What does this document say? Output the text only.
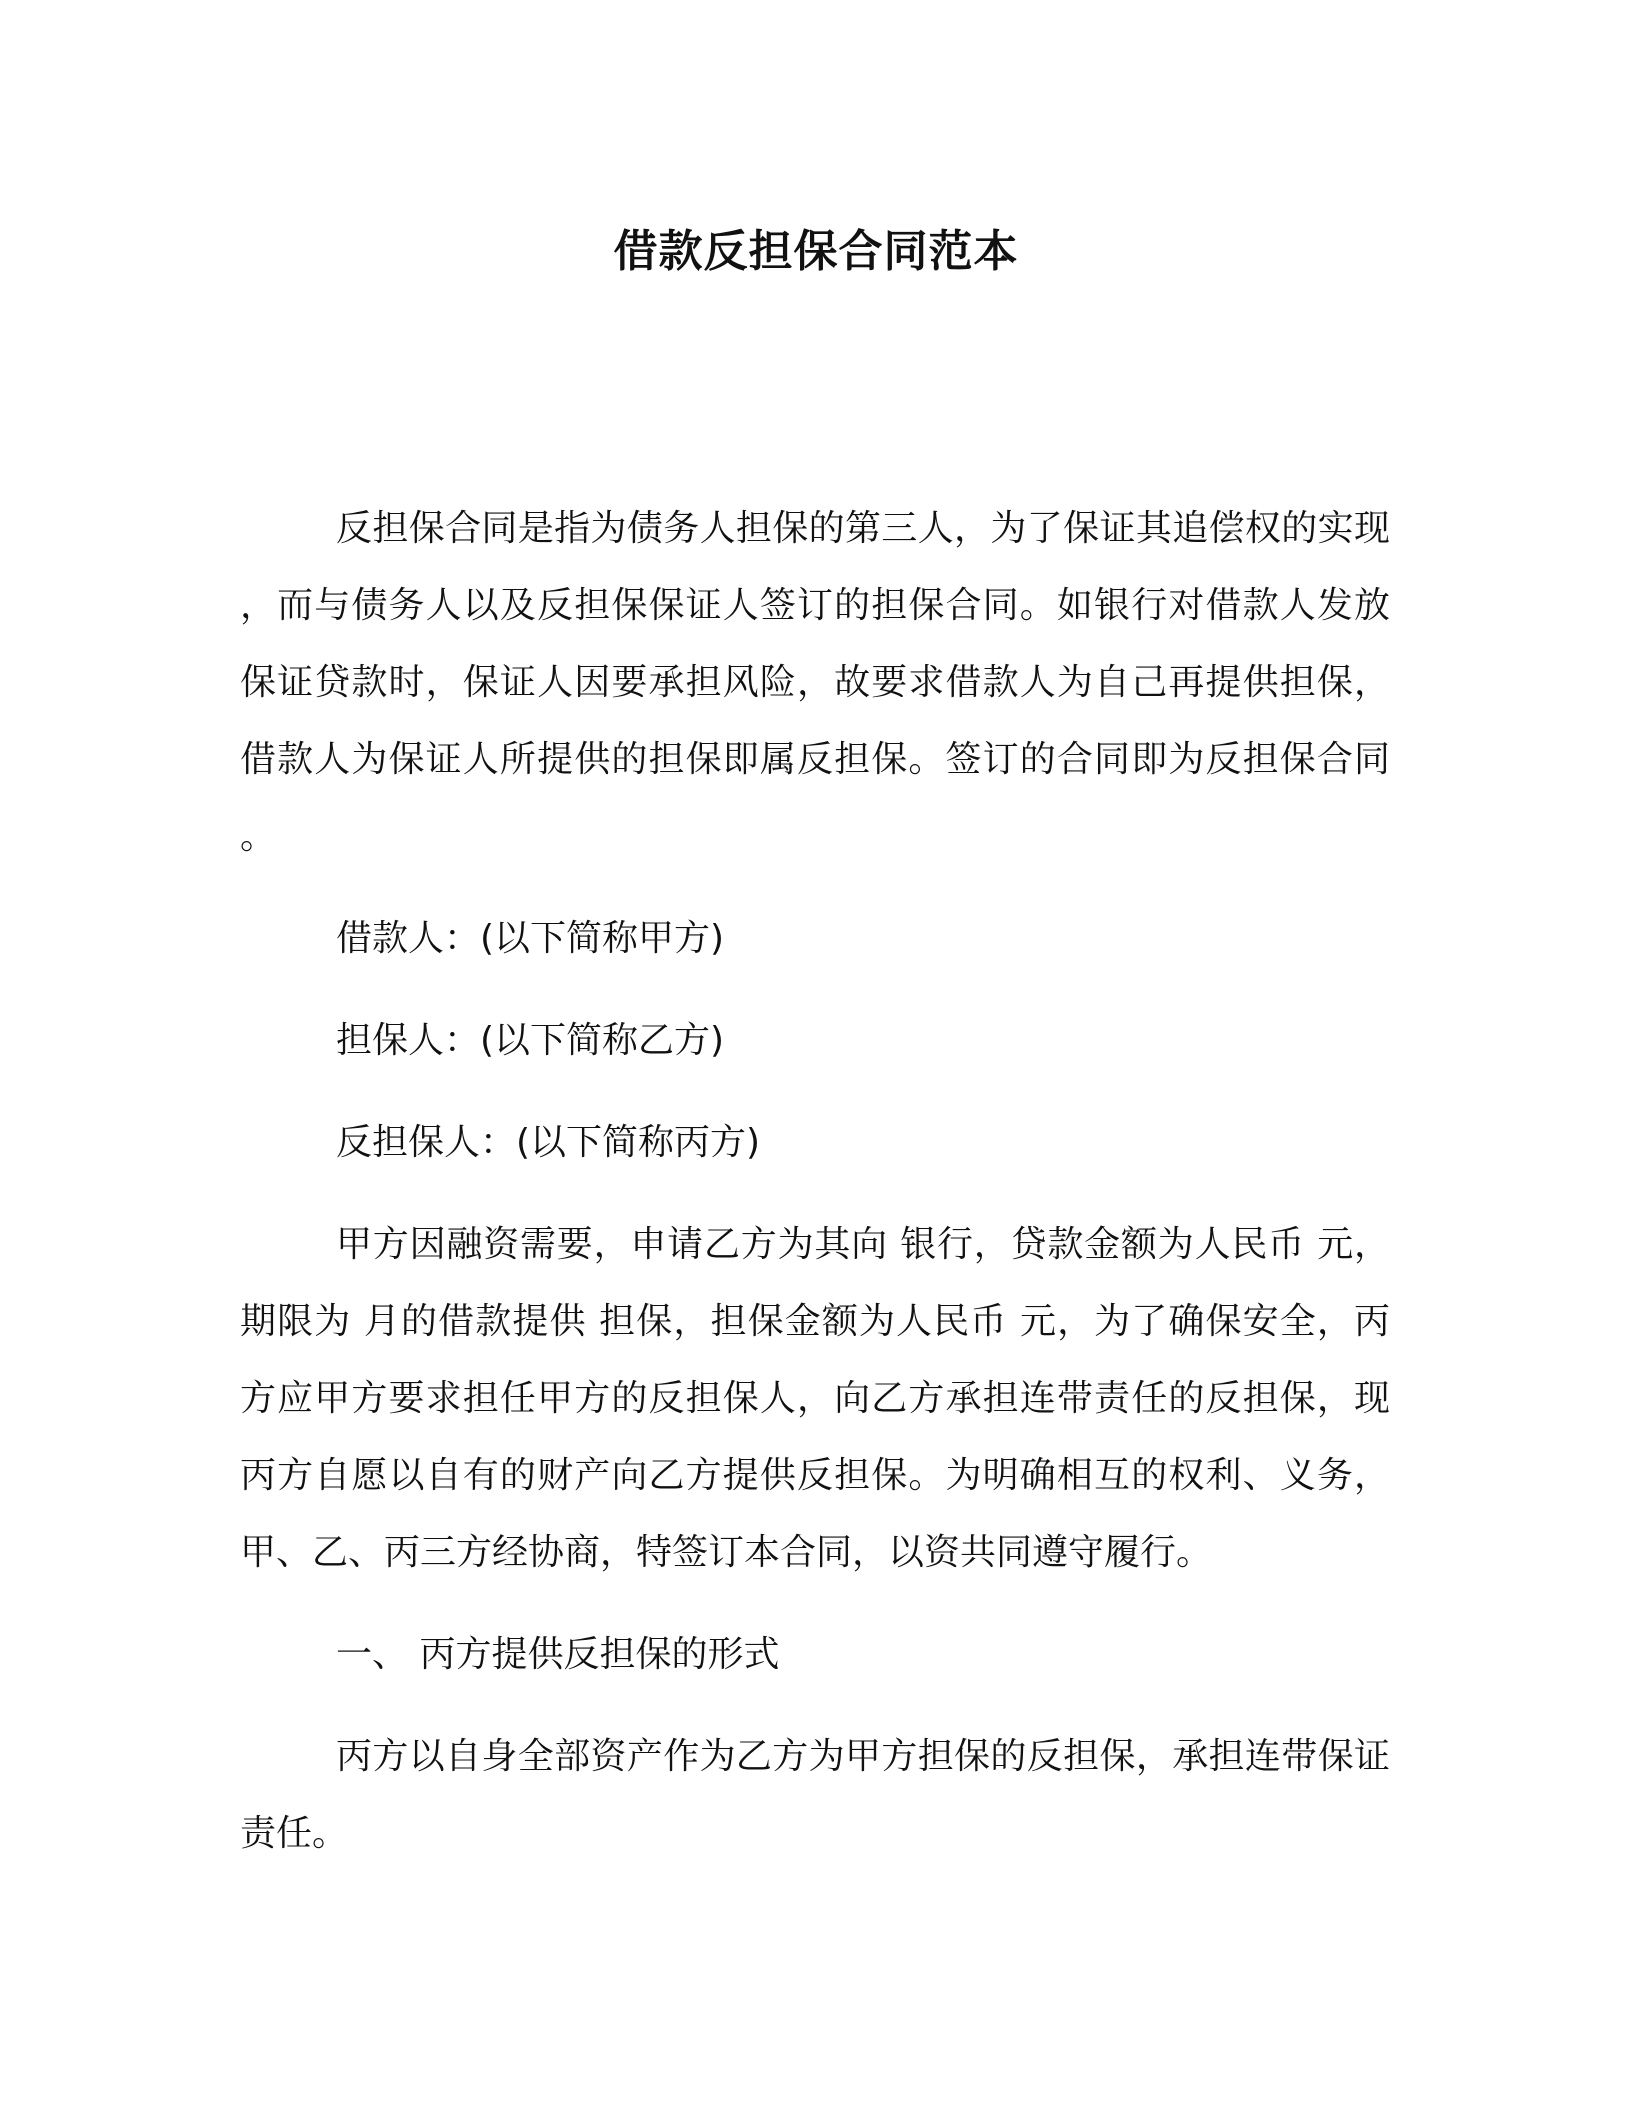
借款反担保合同范本

反担保合同是指为债务人担保的第三人，为了保证其追偿权的实现，而与债务人以及反担保保证人签订的担保合同。如银行对借款人发放保证贷款时，保证人因要承担风险，故要求借款人为自己再提供担保，借款人为保证人所提供的担保即属反担保。签订的合同即为反担保合同。

借款人：(以下简称甲方)

担保人：(以下简称乙方)

反担保人：(以下简称丙方)

甲方因融资需要，申请乙方为其向 银行，贷款金额为人民币 元，期限为 月的借款提供 担保，担保金额为人民币 元，为了确保安全，丙方应甲方要求担任甲方的反担保人，向乙方承担连带责任的反担保，现丙方自愿以自有的财产向乙方提供反担保。为明确相互的权利、义务，甲、乙、丙三方经协商，特签订本合同，以资共同遵守履行。

一、 丙方提供反担保的形式

丙方以自身全部资产作为乙方为甲方担保的反担保，承担连带保证责任。
